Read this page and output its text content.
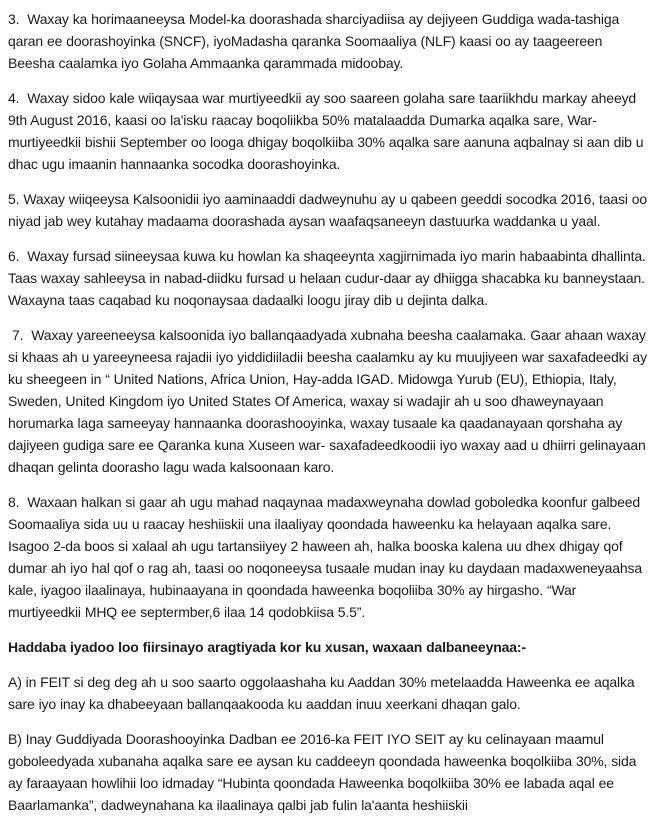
3.  Waxay ka horimaaneeysa Model-ka doorashada sharciyadiisa ay dejiyeen Guddiga wada-tashiga qaran ee doorashoyinka (SNCF), iyoMadasha qaranka Soomaaliya (NLF) kaasi oo ay taageereen Beesha caalamka iyo Golaha Ammaanka qarammada midoobay.

4.  Waxay sidoo kale wiiqaysaa war murtiyeedkii ay soo saareen golaha sare taariikhdu markay aheeyd 9th August 2016, kaasi oo la'isku raacay boqoliikba 50% matalaadda Dumarka aqalka sare, War-murtiyeedkii bishii September oo looga dhigay boqolkiiba 30% aqalka sare aanuna aqbalnay si aan dib u dhac ugu imaanin hannaanka socodka doorashoyinka.

5. Waxay wiiqeeysa Kalsoonidii iyo aaminaaddi dadweynuhu ay u qabeen geeddi socodka 2016, taasi oo niyad jab wey kutahay madaama doorashada aysan waafaqsaneeyn dastuurka waddanka u yaal.

6.  Waxay fursad siineeysaa kuwa ku howlan ka shaqeeynta xagjirnimada iyo marin habaabinta dhallinta. Taas waxay sahleeysa in nabad-diidku fursad u helaan cudur-daar ay dhiigga shacabka ku banneystaan. Waxayna taas caqabad ku noqonaysaa dadaalki loogu jiray dib u dejinta dalka.

7.  Waxay yareeneeysa kalsoonida iyo ballanqaadyada xubnaha beesha caalamaka. Gaar ahaan waxay si khaas ah u yareeyneesa rajadii iyo yiddidiiladii beesha caalamku ay ku muujiyeen war saxafadeedki ay ku sheegeen in “ United Nations, Africa Union, Hay-adda IGAD. Midowga Yurub (EU), Ethiopia, Italy, Sweden, United Kingdom iyo United States Of America, waxay si wadajir ah u soo dhaweynayaan horumarka laga sameeyay hannaanka doorashooyinka, waxay tusaale ka qaadanayaan qorshaha ay dajiyeen gudiga sare ee Qaranka kuna Xuseen war- saxafadeedkoodii iyo waxay aad u dhiirri gelinayaan dhaqan gelinta doorasho lagu wada kalsoonaan karo.

8.  Waxaan halkan si gaar ah ugu mahad naqaynaa madaxweynaha dowlad goboledka koonfur galbeed Soomaaliya sida uu u raacay heshiiskii una ilaaliyay qoondada haweenku ka helayaan aqalka sare. Isagoo 2-da boos si xalaal ah ugu tartansiiyey 2 haween ah, halka booska kalena uu dhex dhigay qof dumar ah iyo hal qof o rag ah, taasi oo noqoneeysa tusaale mudan inay ku daydaan madaxweneyaahsa kale, iyagoo ilaalinaya, hubinaayana in qoondada haweenka boqoliiba 30% ay hirgasho. “War murtiyeedkii MHQ ee septermber,6 ilaa 14 qodobkiisa 5.5”.

Haddaba iyadoo loo fiirsinayo aragtiyada kor ku xusan, waxaan dalbaneeynaa:-

A) in FEIT si deg deg ah u soo saarto oggolaashaha ku Aaddan 30% metelaadda Haweenka ee aqalka sare iyo inay ka dhabeeyaan ballanqaakooda ku aaddan inuu xeerkani dhaqan galo.

B) Inay Guddiyada Doorashooyinka Dadban ee 2016-ka FEIT IYO SEIT ay ku celinayaan maamul goboleedyada xubanaha aqalka sare ee aysan ku caddeeyn qoondada haweenka boqolkiiba 30%, sida ay faraayaan howlihii loo idmaday “Hubinta qoondada Haweenka boqolkiiba 30% ee labada aqal ee Baarlamanka”, dadweynahana ka ilaalinaya qalbi jab fulin la'aanta heshiiskii
